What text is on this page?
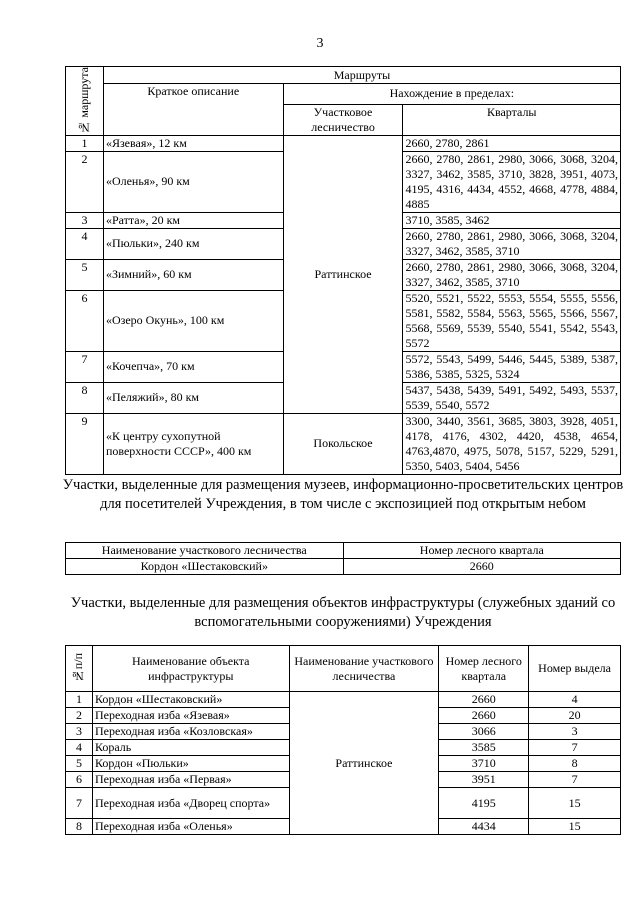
3
№ маршрута	Маршруты		
	Краткое описание	Нахождение в пределах:	
		Участковое лесничество	Кварталы
1	«Язевая», 12 км	Раттинское	2660, 2780, 2861
2	«Оленья», 90 км		2660, 2780, 2861, 2980, 3066, 3068, 3204, 3327, 3462, 3585, 3710, 3828, 3951, 4073, 4195, 4316, 4434, 4552, 4668, 4778, 4884, 4885
3	«Ратта», 20 км		3710, 3585, 3462
4	«Пюльки», 240 км		2660, 2780, 2861, 2980, 3066, 3068, 3204, 3327, 3462, 3585, 3710
5	«Зимний», 60 км		2660, 2780, 2861, 2980, 3066, 3068, 3204, 3327, 3462, 3585, 3710
6	«Озеро Окунь», 100 км		5520, 5521, 5522, 5553, 5554, 5555, 5556, 5581, 5582, 5584, 5563, 5565, 5566, 5567, 5568, 5569, 5539, 5540, 5541, 5542, 5543, 5572
7	«Кочепча», 70 км		5572, 5543, 5499, 5446, 5445, 5389, 5387, 5386, 5385, 5325, 5324
8	«Пеляжий», 80 км		5437, 5438, 5439, 5491, 5492, 5493, 5537, 5539, 5540, 5572
9	«К центру сухопутной поверхности СССР», 400 км	Покольское	3300, 3440, 3561, 3685, 3803, 3928, 4051, 4178, 4176, 4302, 4420, 4538, 4654, 4763,4870, 4975, 5078, 5157, 5229, 5291, 5350, 5403, 5404, 5456
Участки, выделенные для размещения музеев, информационно-просветительских центров для посетителей Учреждения, в том числе с экспозицией под открытым небом
Наименование участкового лесничества	Номер лесного квартала
Кордон «Шестаковский»	2660
Участки, выделенные для размещения объектов инфраструктуры (служебных зданий со вспомогательными сооружениями) Учреждения
№п/п	Наименование объекта инфраструктуры	Наименование участкового лесничества	Номер лесного квартала	Номер выдела
1	Кордон «Шестаковский»	Раттинское	2660	4
2	Переходная изба «Язевая»		2660	20
3	Переходная изба «Козловская»		3066	3
4	Кораль		3585	7
5	Кордон «Пюльки»		3710	8
6	Переходная изба «Первая»		3951	7
7	Переходная изба «Дворец спорта»		4195	15
8	Переходная изба «Оленья»		4434	15
